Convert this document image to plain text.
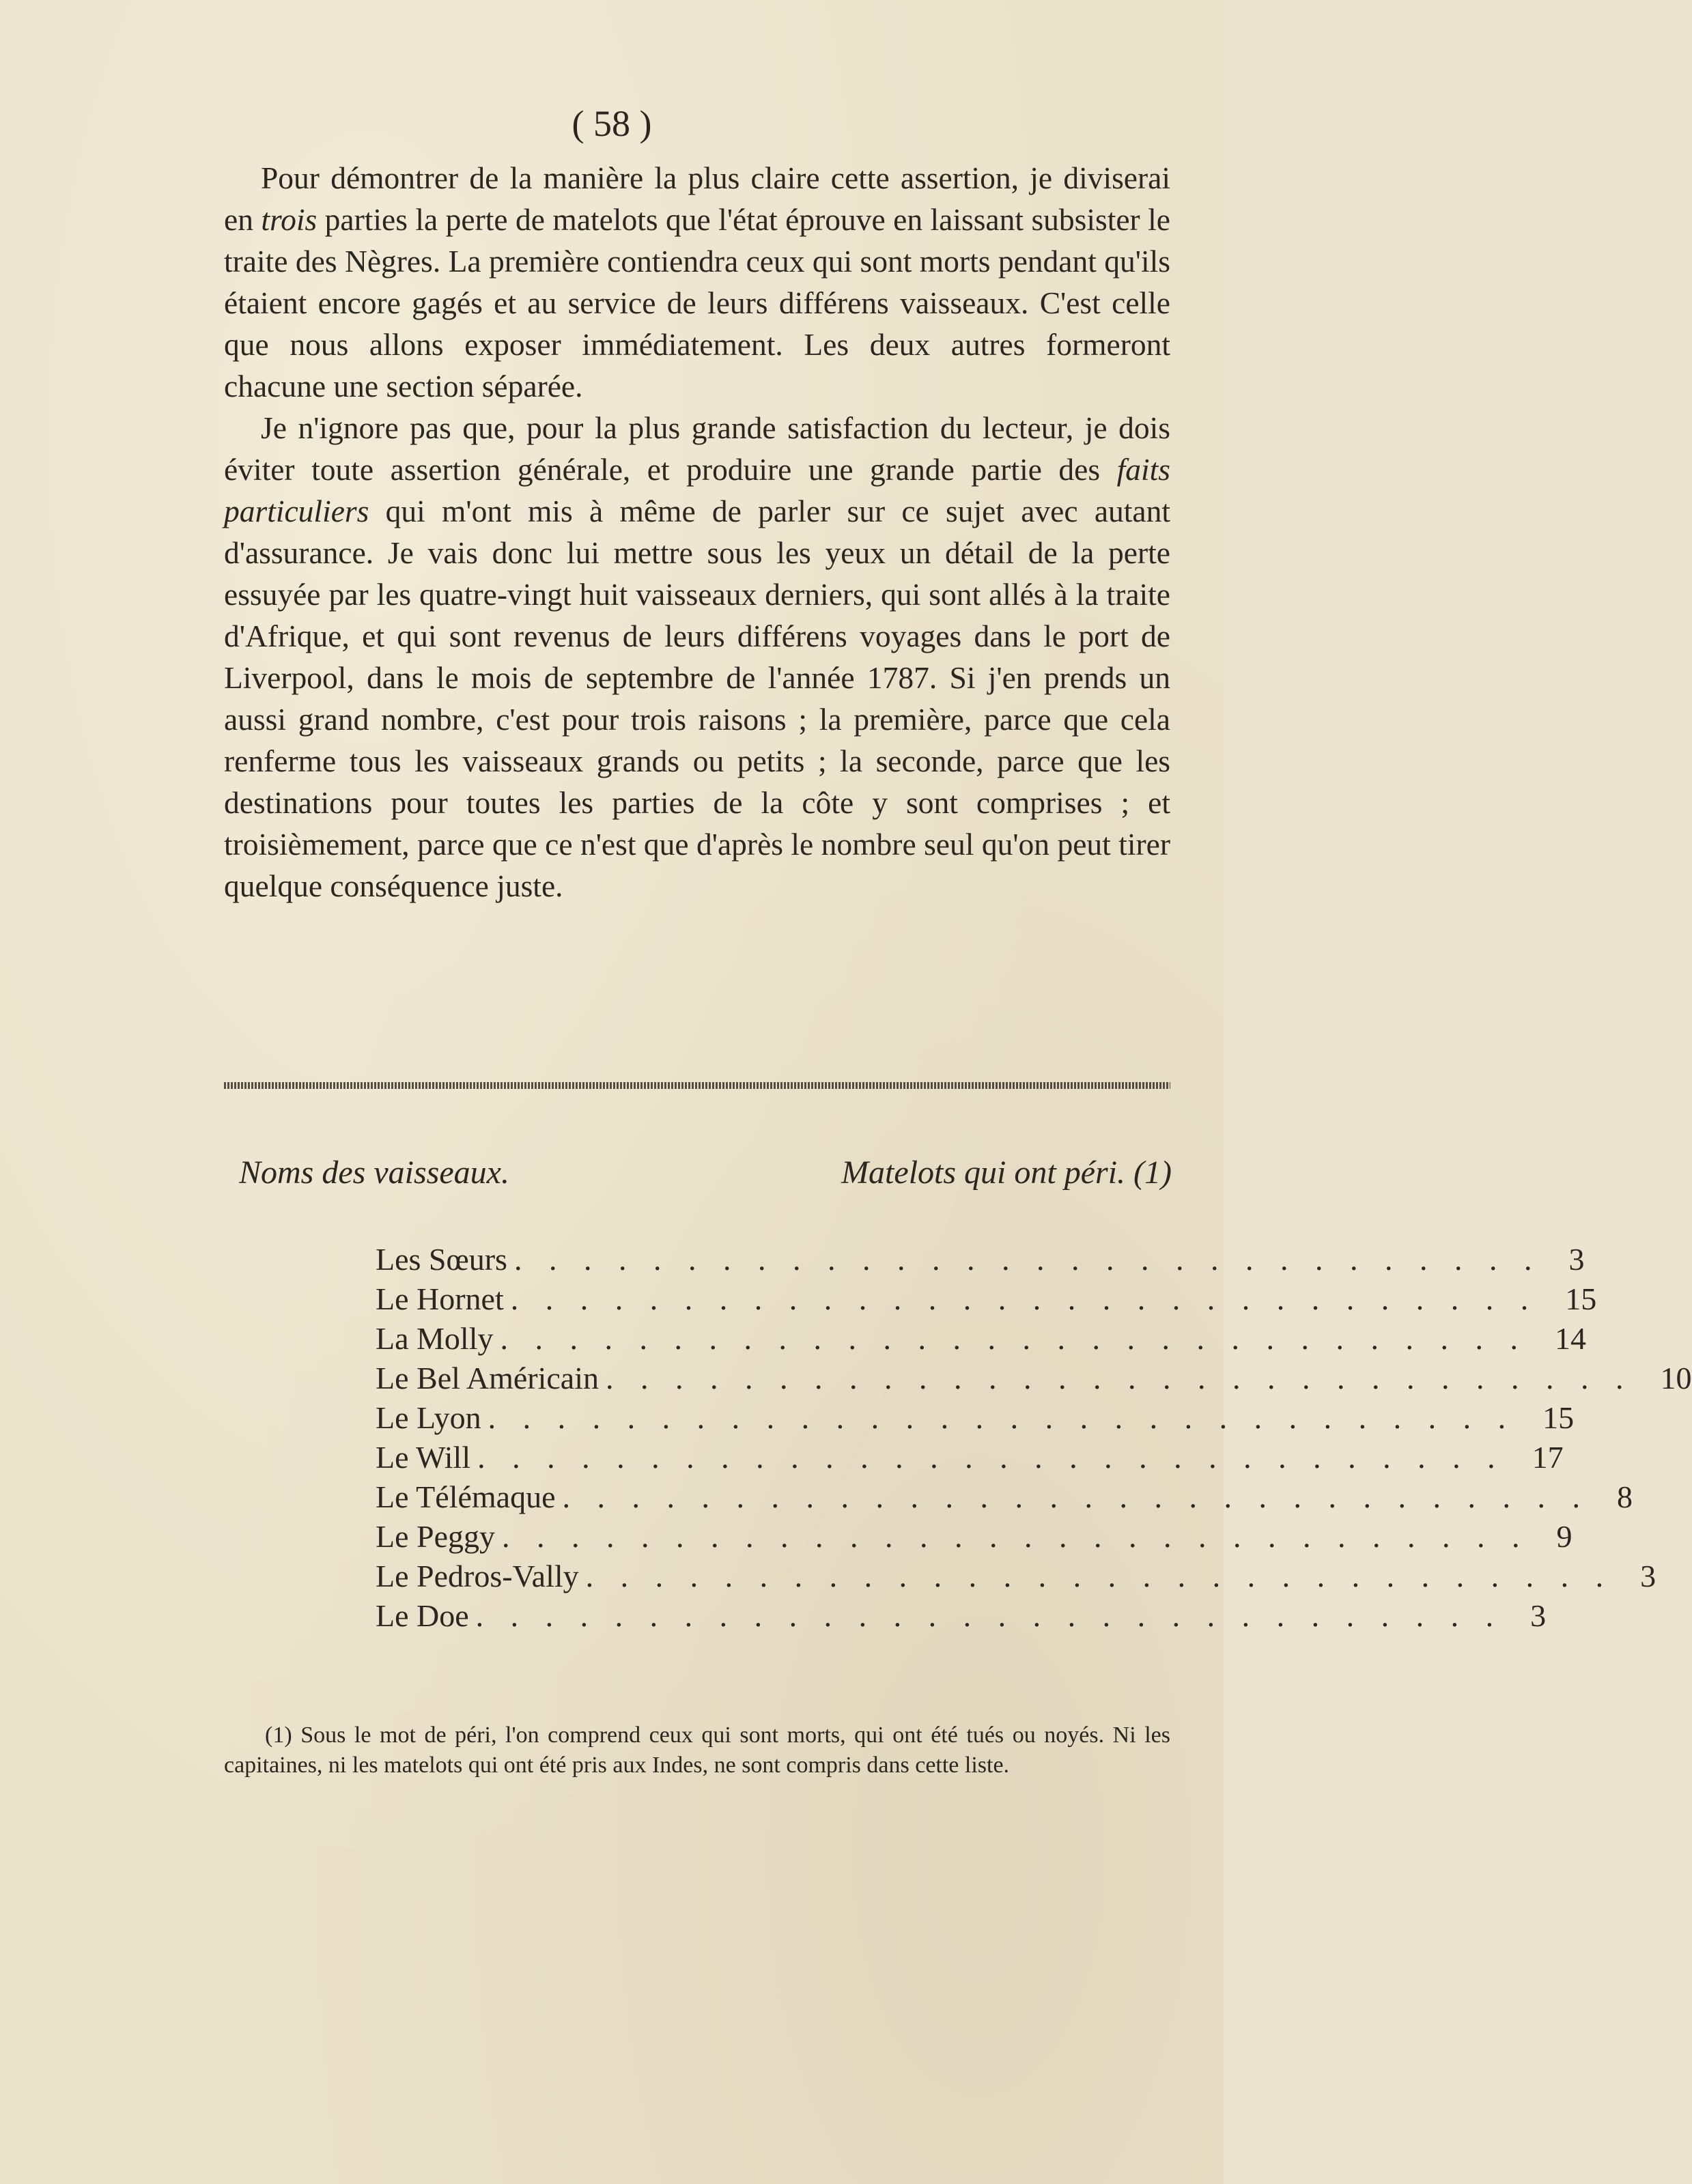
( 58 )

Pour démontrer de la manière la plus claire cette assertion, je diviserai en trois parties la perte de matelots que l'état éprouve en laissant subsister le traite des Nègres. La première contiendra ceux qui sont morts pendant qu'ils étaient encore gagés et au service de leurs différens vaisseaux. C'est celle que nous allons exposer immédiatement. Les deux autres formeront chacune une section séparée.

Je n'ignore pas que, pour la plus grande satisfaction du lecteur, je dois éviter toute assertion générale, et produire une grande partie des faits particuliers qui m'ont mis à même de parler sur ce sujet avec autant d'assurance. Je vais donc lui mettre sous les yeux un détail de la perte essuyée par les quatre-vingt huit vaisseaux derniers, qui sont allés à la traite d'Afrique, et qui sont revenus de leurs différens voyages dans le port de Liverpool, dans le mois de septembre de l'année 1787. Si j'en prends un aussi grand nombre, c'est pour trois raisons ; la première, parce que cela renferme tous les vaisseaux grands ou petits ; la seconde, parce que les destinations pour toutes les parties de la côte y sont comprises ; et troisièmement, parce que ce n'est que d'après le nombre seul qu'on peut tirer quelque conséquence juste.

Noms des vaisseaux.	Matelots qui ont péri. (1)
Les Sœurs . . . . . . . . . . . . . . . . . . . . . . . . . . . . . . 3
Le Hornet . . . . . . . . . . . . . . . . . . . . . . . . . . . . . . 15
La Molly . . . . . . . . . . . . . . . . . . . . . . . . . . . . . . 14
Le Bel Américain . . . . . . . . . . . . . . . . . . . . . . . . . . . . . . 10
Le Lyon . . . . . . . . . . . . . . . . . . . . . . . . . . . . . . 15
Le Will . . . . . . . . . . . . . . . . . . . . . . . . . . . . . . 17
Le Télémaque . . . . . . . . . . . . . . . . . . . . . . . . . . . . . . 8
Le Peggy . . . . . . . . . . . . . . . . . . . . . . . . . . . . . . 9
Le Pedros-Vally . . . . . . . . . . . . . . . . . . . . . . . . . . . . . . 3
Le Doe . . . . . . . . . . . . . . . . . . . . . . . . . . . . . . 3

(1) Sous le mot de péri, l'on comprend ceux qui sont morts, qui ont été tués ou noyés. Ni les capitaines, ni les matelots qui ont été pris aux Indes, ne sont compris dans cette liste.
